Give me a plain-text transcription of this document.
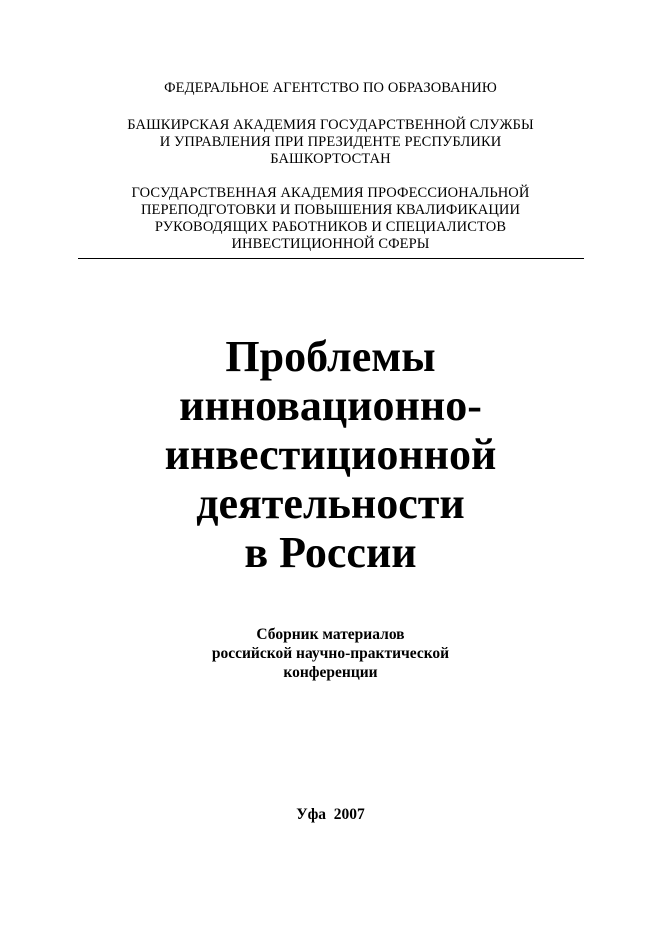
ФЕДЕРАЛЬНОЕ АГЕНТСТВО ПО ОБРАЗОВАНИЮ
БАШКИРСКАЯ АКАДЕМИЯ ГОСУДАРСТВЕННОЙ СЛУЖБЫ
И УПРАВЛЕНИЯ ПРИ ПРЕЗИДЕНТЕ РЕСПУБЛИКИ
БАШКОРТОСТАН
ГОСУДАРСТВЕННАЯ АКАДЕМИЯ ПРОФЕССИОНАЛЬНОЙ
ПЕРЕПОДГОТОВКИ И ПОВЫШЕНИЯ КВАЛИФИКАЦИИ
РУКОВОДЯЩИХ РАБОТНИКОВ И СПЕЦИАЛИСТОВ
ИНВЕСТИЦИОННОЙ СФЕРЫ
Проблемы
инновационно-
инвестиционной
деятельности
в России
Сборник материалов
российской научно-практической
конференции
Уфа  2007
